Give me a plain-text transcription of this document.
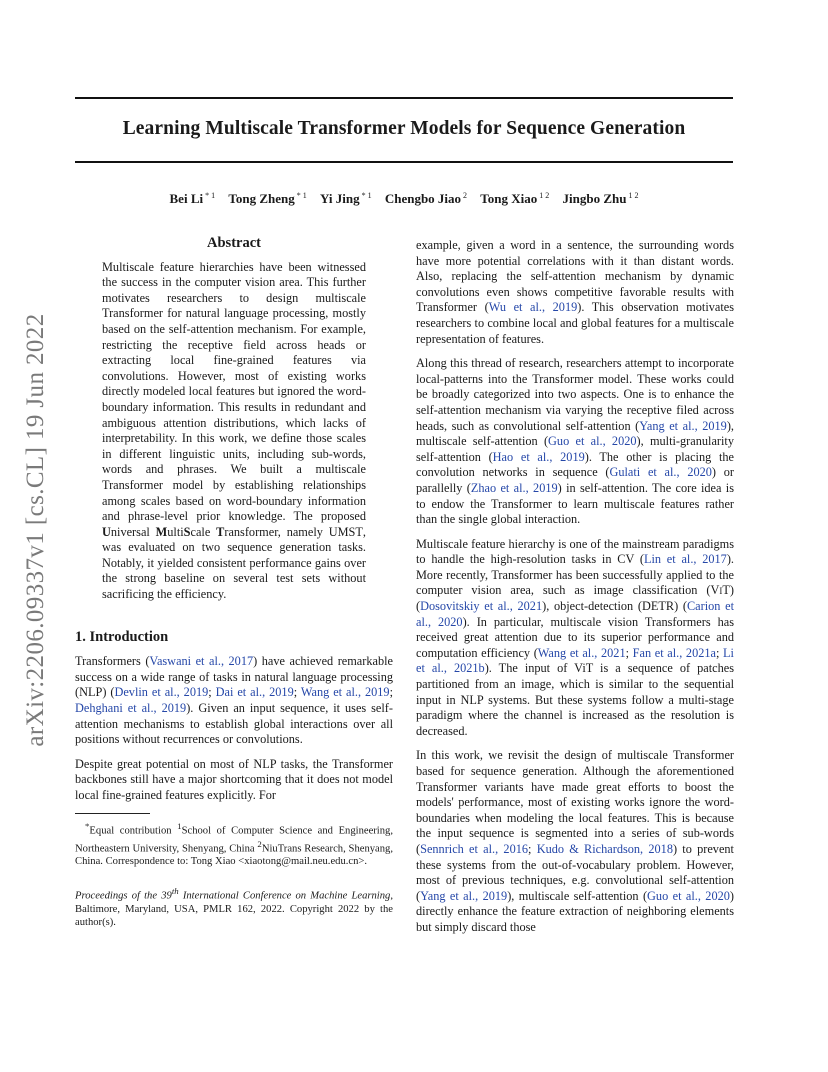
Learning Multiscale Transformer Models for Sequence Generation
Bei Li $^{* 1}$ Tong Zheng $^{* 1}$ Yi Jing $^{* 1}$ Chengbo Jiao $^2$ Tong Xiao $^{1 2}$ Jingbo Zhu $^{1 2}$
arXiv:2206.09337v1 [cs.CL] 19 Jun 2022
Abstract
Multiscale feature hierarchies have been witnessed the success in the computer vision area. This further motivates researchers to design multiscale Transformer for natural language processing, mostly based on the self-attention mechanism. For example, restricting the receptive field across heads or extracting local fine-grained features via convolutions. However, most of existing works directly modeled local features but ignored the word-boundary information. This results in redundant and ambiguous attention distributions, which lacks of interpretability. In this work, we define those scales in different linguistic units, including sub-words, words and phrases. We built a multiscale Transformer model by establishing relationships among scales based on word-boundary information and phrase-level prior knowledge. The proposed Universal MultiScale Transformer, namely UMST, was evaluated on two sequence generation tasks. Notably, it yielded consistent performance gains over the strong baseline on several test sets without sacrificing the efficiency.
1. Introduction

Transformers (Vaswani et al., 2017) have achieved remarkable success on a wide range of tasks in natural language processing (NLP) (Devlin et al., 2019; Dai et al., 2019; Wang et al., 2019; Dehghani et al., 2019). Given an input sequence, it uses self-attention mechanisms to establish global interactions over all positions without recurrences or convolutions.

Despite great potential on most of NLP tasks, the Transformer backbones still have a major shortcoming that it does not model local fine-grained features explicitly. For

*Equal contribution $^1$School of Computer Science and Engineering, Northeastern University, Shenyang, China $^2$NiuTrans Research, Shenyang, China. Correspondence to: Tong Xiao <xiaotong@mail.neu.edu.cn>.
Proceedings of the 39th International Conference on Machine Learning, Baltimore, Maryland, USA, PMLR 162, 2022. Copyright 2022 by the author(s).

example, given a word in a sentence, the surrounding words have more potential correlations with it than distant words. Also, replacing the self-attention mechanism by dynamic convolutions even shows competitive favorable results with Transformer (Wu et al., 2019). This observation motivates researchers to combine local and global features for a multiscale representation of features.

Along this thread of research, researchers attempt to incorporate local-patterns into the Transformer model. These works could be broadly categorized into two aspects. One is to enhance the self-attention mechanism via varying the receptive filed across heads, such as convolutional self-attention (Yang et al., 2019), multiscale self-attention (Guo et al., 2020), multi-granularity self-attention (Hao et al., 2019). The other is placing the convolution networks in sequence (Gulati et al., 2020) or parallelly (Zhao et al., 2019) in self-attention. The core idea is to endow the Transformer to learn multiscale features rather than the single global interaction.

Multiscale feature hierarchy is one of the mainstream paradigms to handle the high-resolution tasks in CV (Lin et al., 2017). More recently, Transformer has been successfully applied to the computer vision area, such as image classification (ViT) (Dosovitskiy et al., 2021), object-detection (DETR) (Carion et al., 2020). In particular, multiscale vision Transformers has received great attention due to its superior performance and computation efficiency (Wang et al., 2021; Fan et al., 2021a; Li et al., 2021b). The input of ViT is a sequence of patches partitioned from an image, which is similar to the sequential input in NLP systems. But these systems follow a multi-stage paradigm where the channel is increased as the resolution is decreased.

In this work, we revisit the design of multiscale Transformer based for sequence generation. Although the aforementioned Transformer variants have made great efforts to boost the models' performance, most of existing works ignore the word-boundaries when modeling the local features. This is because the input sequence is segmented into a series of sub-words (Sennrich et al., 2016; Kudo & Richardson, 2018) to prevent these systems from the out-of-vocabulary problem. However, most of previous techniques, e.g. convolutional self-attention (Yang et al., 2019), multiscale self-attention (Guo et al., 2020) directly enhance the feature extraction of neighboring elements but simply discard those
